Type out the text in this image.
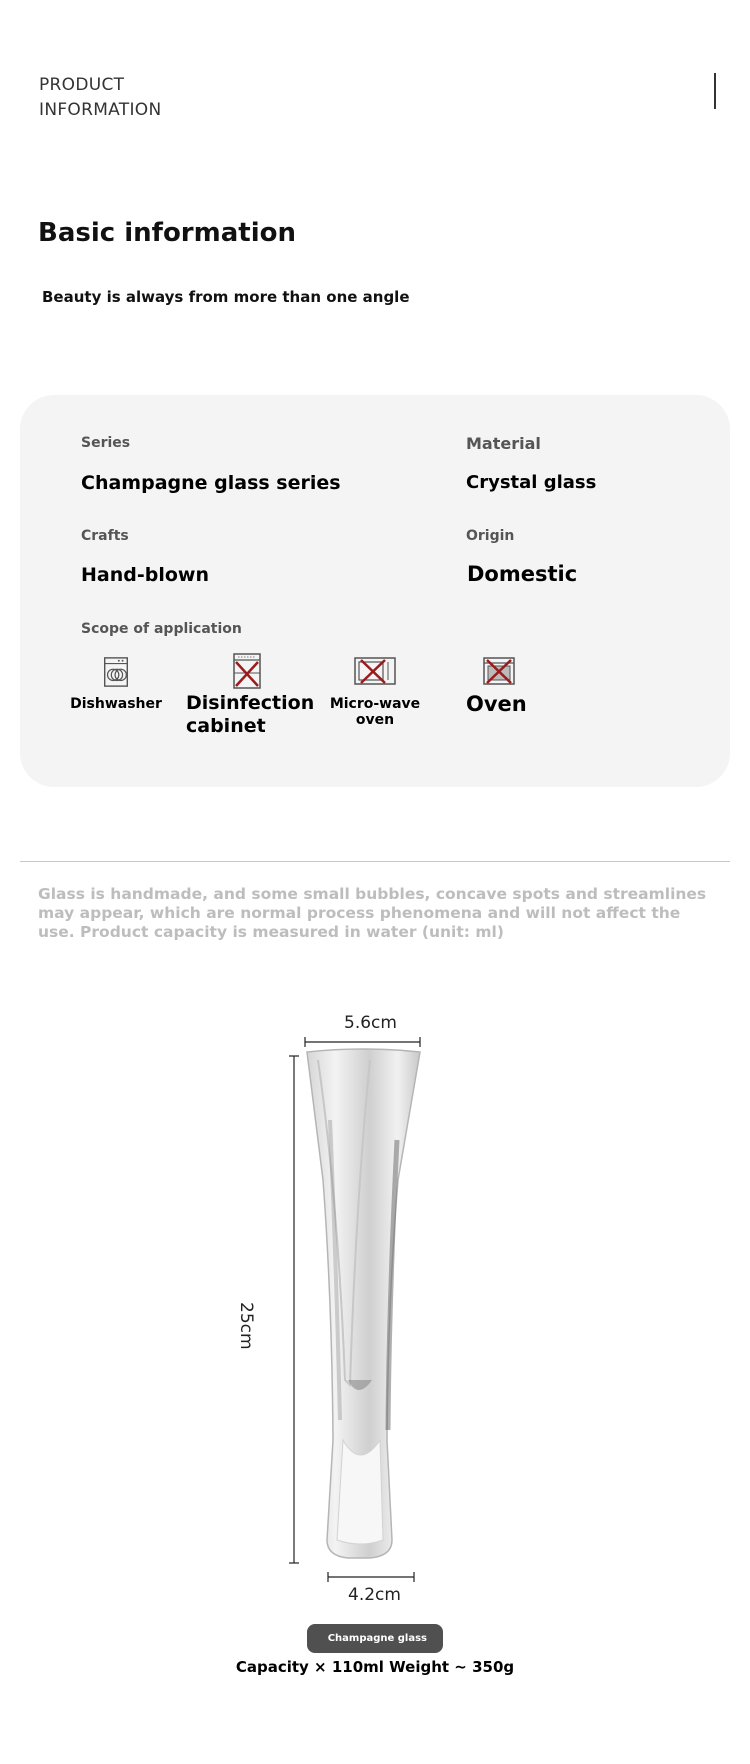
PRODUCT
INFORMATION
Basic information
Beauty is always from more than one angle
Series
Champagne glass series
Material
Crystal glass
Crafts
Hand-blown
Origin
Domestic
Scope of application
Dishwasher Disinfection
cabinet
Micro-wave oven
Oven
Glass is handmade, and some small bubbles, concave spots and streamlines may appear, which are normal process phenomena and will not affect the use. Product capacity is measured in water (unit: ml)
5.6cm
25cm
4.2cm
Champagne glass
Capacity × 110ml Weight ~ 350g
